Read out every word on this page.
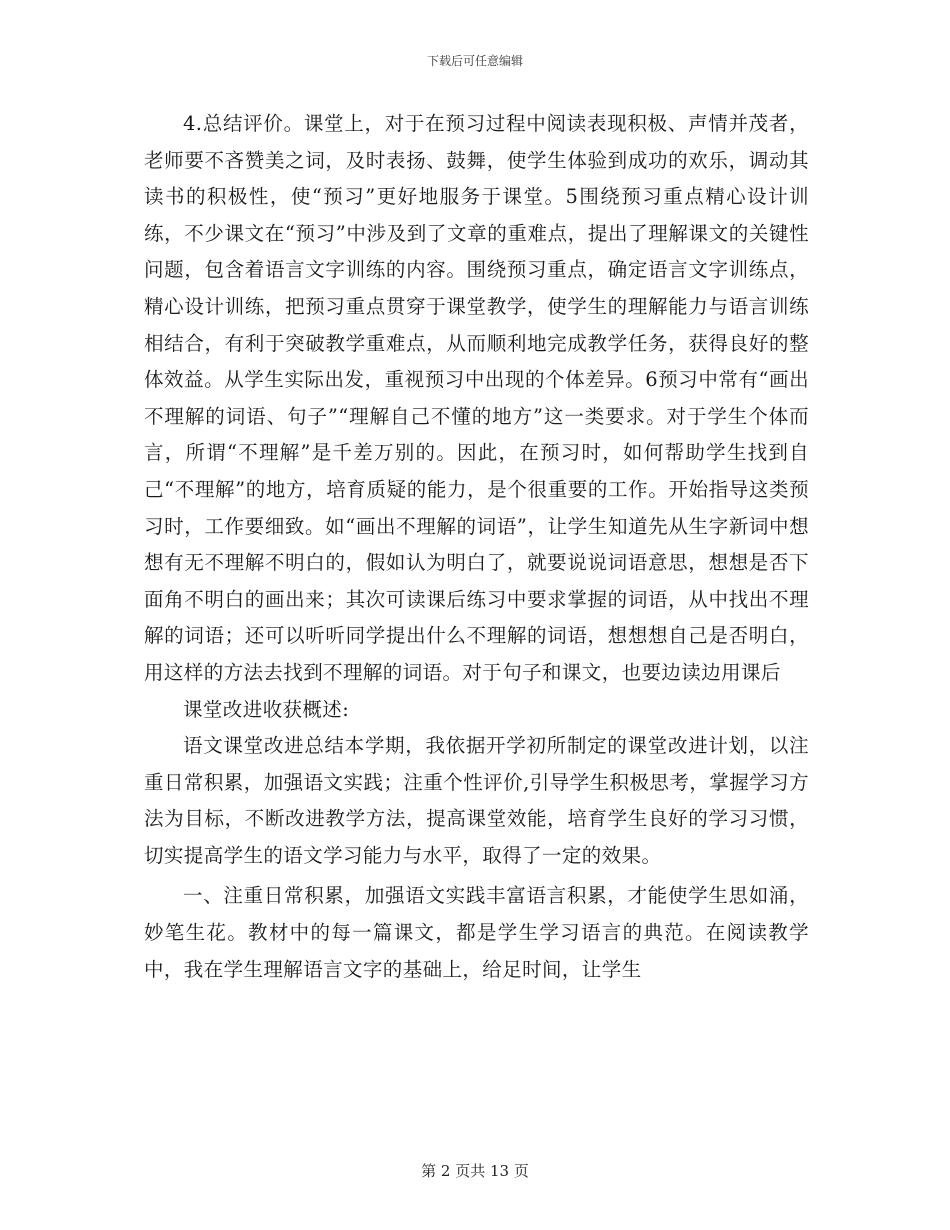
下载后可任意编辑

4.总结评价。课堂上，对于在预习过程中阅读表现积极、声情并茂者，老师要不吝赞美之词，及时表扬、鼓舞，使学生体验到成功的欢乐，调动其读书的积极性，使“预习”更好地服务于课堂。5围绕预习重点精心设计训练，不少课文在“预习”中涉及到了文章的重难点，提出了理解课文的关键性问题，包含着语言文字训练的内容。围绕预习重点，确定语言文字训练点，精心设计训练，把预习重点贯穿于课堂教学，使学生的理解能力与语言训练相结合，有利于突破教学重难点，从而顺利地完成教学任务，获得良好的整体效益。从学生实际出发，重视预习中出现的个体差异。6预习中常有“画出不理解的词语、句子”“理解自己不懂的地方”这一类要求。对于学生个体而言，所谓“不理解”是千差万别的。因此，在预习时，如何帮助学生找到自己“不理解”的地方，培育质疑的能力，是个很重要的工作。开始指导这类预习时，工作要细致。如“画出不理解的词语”，让学生知道先从生字新词中想想有无不理解不明白的，假如认为明白了，就要说说词语意思，想想是否下面角不明白的画出来；其次可读课后练习中要求掌握的词语，从中找出不理解的词语；还可以听听同学提出什么不理解的词语，想想想自己是否明白，用这样的方法去找到不理解的词语。对于句子和课文，也要边读边用课后

课堂改进收获概述:

语文课堂改进总结本学期，我依据开学初所制定的课堂改进计划，以注重日常积累，加强语文实践；注重个性评价,引导学生积极思考，掌握学习方法为目标，不断改进教学方法，提高课堂效能，培育学生良好的学习习惯，切实提高学生的语文学习能力与水平，取得了一定的效果。

一、注重日常积累，加强语文实践丰富语言积累，才能使学生思如涌，妙笔生花。教材中的每一篇课文，都是学生学习语言的典范。在阅读教学中，我在学生理解语言文字的基础上，给足时间，让学生

第 2 页共 13 页
